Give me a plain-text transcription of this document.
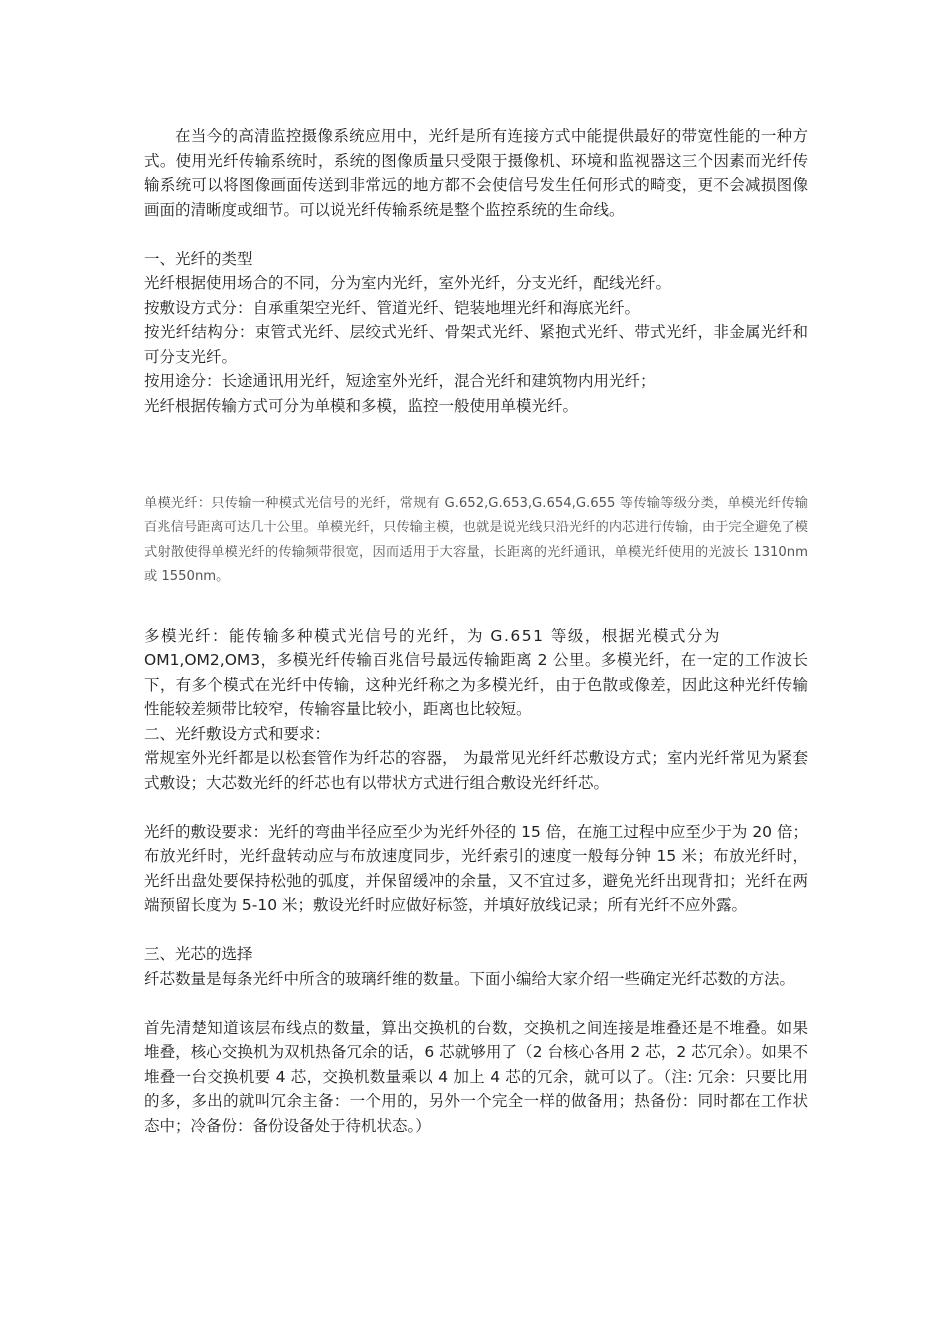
在当今的高清监控摄像系统应用中，光纤是所有连接方式中能提供最好的带宽性能的一种方式。使用光纤传输系统时，系统的图像质量只受限于摄像机、环境和监视器这三个因素而光纤传输系统可以将图像画面传送到非常远的地方都不会使信号发生任何形式的畸变，更不会减损图像画面的清晰度或细节。可以说光纤传输系统是整个监控系统的生命线。

一、光纤的类型

光纤根据使用场合的不同，分为室内光纤，室外光纤，分支光纤，配线光纤。

按敷设方式分：自承重架空光纤、管道光纤、铠装地埋光纤和海底光纤。

按光纤结构分：束管式光纤、层绞式光纤、骨架式光纤、紧抱式光纤、带式光纤，非金属光纤和可分支光纤。

按用途分：长途通讯用光纤，短途室外光纤，混合光纤和建筑物内用光纤；

光纤根据传输方式可分为单模和多模，监控一般使用单模光纤。

单模光纤：只传输一种模式光信号的光纤，常规有 G.652,G.653,G.654,G.655 等传输等级分类，单模光纤传输百兆信号距离可达几十公里。单模光纤，只传输主模，也就是说光线只沿光纤的内芯进行传输，由于完全避免了模式射散使得单模光纤的传输频带很宽，因而适用于大容量，长距离的光纤通讯，单模光纤使用的光波长 1310nm 或 1550nm。

多模光纤：能传输多种模式光信号的光纤，为 G.651 等级，根据光模式分为

OM1,OM2,OM3，多模光纤传输百兆信号最远传输距离 2 公里。多模光纤，在一定的工作波长下，有多个模式在光纤中传输，这种光纤称之为多模光纤，由于色散或像差，因此这种光纤传输性能较差频带比较窄，传输容量比较小，距离也比较短。

二、光纤敷设方式和要求：

常规室外光纤都是以松套管作为纤芯的容器， 为最常见光纤纤芯敷设方式；室内光纤常见为紧套式敷设；大芯数光纤的纤芯也有以带状方式进行组合敷设光纤纤芯。

光纤的敷设要求：光纤的弯曲半径应至少为光纤外径的 15 倍，在施工过程中应至少于为 20 倍；布放光纤时，光纤盘转动应与布放速度同步，光纤索引的速度一般每分钟 15 米；布放光纤时，光纤出盘处要保持松弛的弧度，并保留缓冲的余量，又不宜过多，避免光纤出现背扣；光纤在两端预留长度为 5-10 米；敷设光纤时应做好标签，并填好放线记录；所有光纤不应外露。

三、光芯的选择

纤芯数量是每条光纤中所含的玻璃纤维的数量。下面小编给大家介绍一些确定光纤芯数的方法。

首先清楚知道该层布线点的数量，算出交换机的台数，交换机之间连接是堆叠还是不堆叠。如果堆叠，核心交换机为双机热备冗余的话，6 芯就够用了（2 台核心各用 2 芯，2 芯冗余）。如果不堆叠一台交换机要 4 芯，交换机数量乘以 4 加上 4 芯的冗余，就可以了。（注: 冗余：只要比用的多，多出的就叫冗余主备：一个用的，另外一个完全一样的做备用；热备份：同时都在工作状态中；冷备份：备份设备处于待机状态。）
